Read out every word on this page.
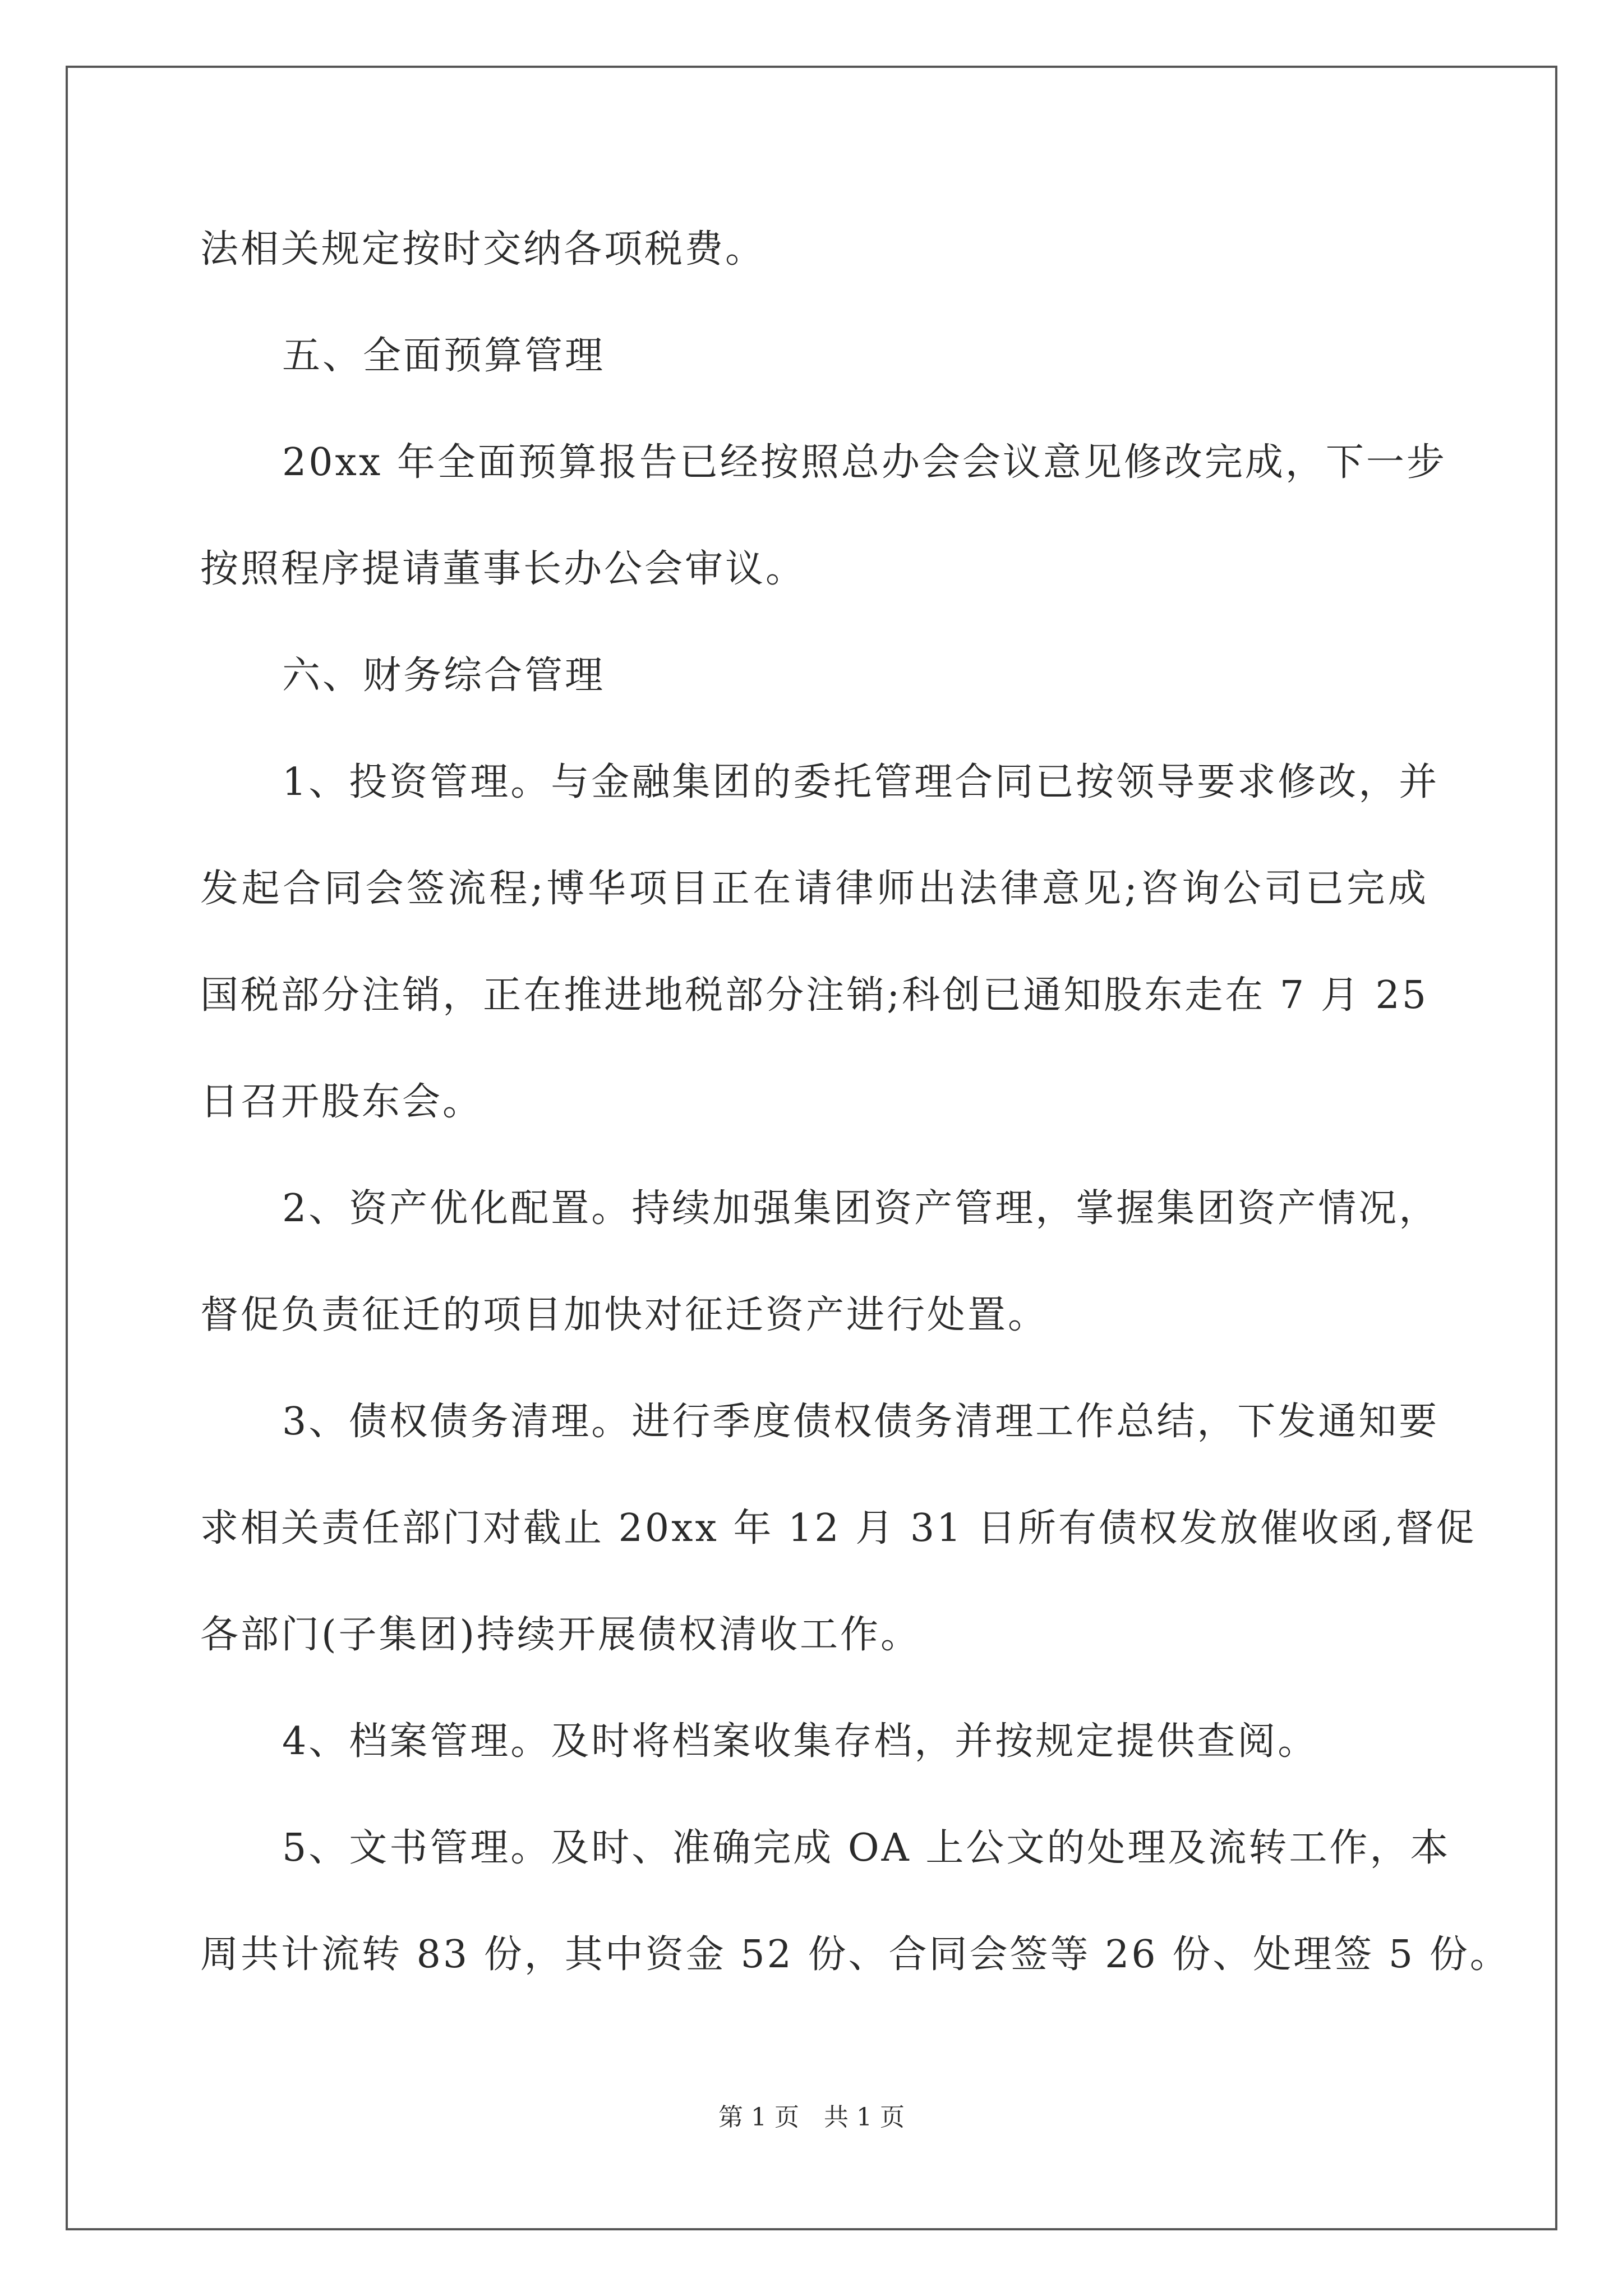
法相关规定按时交纳各项税费。
五、全面预算管理
20xx 年全面预算报告已经按照总办会会议意见修改完成，下一步
按照程序提请董事长办公会审议。
六、财务综合管理
1、投资管理。与金融集团的委托管理合同已按领导要求修改，并
发起合同会签流程;博华项目正在请律师出法律意见;咨询公司已完成
国税部分注销，正在推进地税部分注销;科创已通知股东走在 7 月 25
日召开股东会。
2、资产优化配置。持续加强集团资产管理，掌握集团资产情况，
督促负责征迁的项目加快对征迁资产进行处置。
3、债权债务清理。进行季度债权债务清理工作总结，下发通知要
求相关责任部门对截止 20xx 年 12 月 31 日所有债权发放催收函,督促
各部门(子集团)持续开展债权清收工作。
4、档案管理。及时将档案收集存档，并按规定提供查阅。
5、文书管理。及时、准确完成 OA 上公文的处理及流转工作，本
周共计流转 83 份，其中资金 52 份、合同会签等 26 份、处理签 5 份。
第 1 页　共 1 页
